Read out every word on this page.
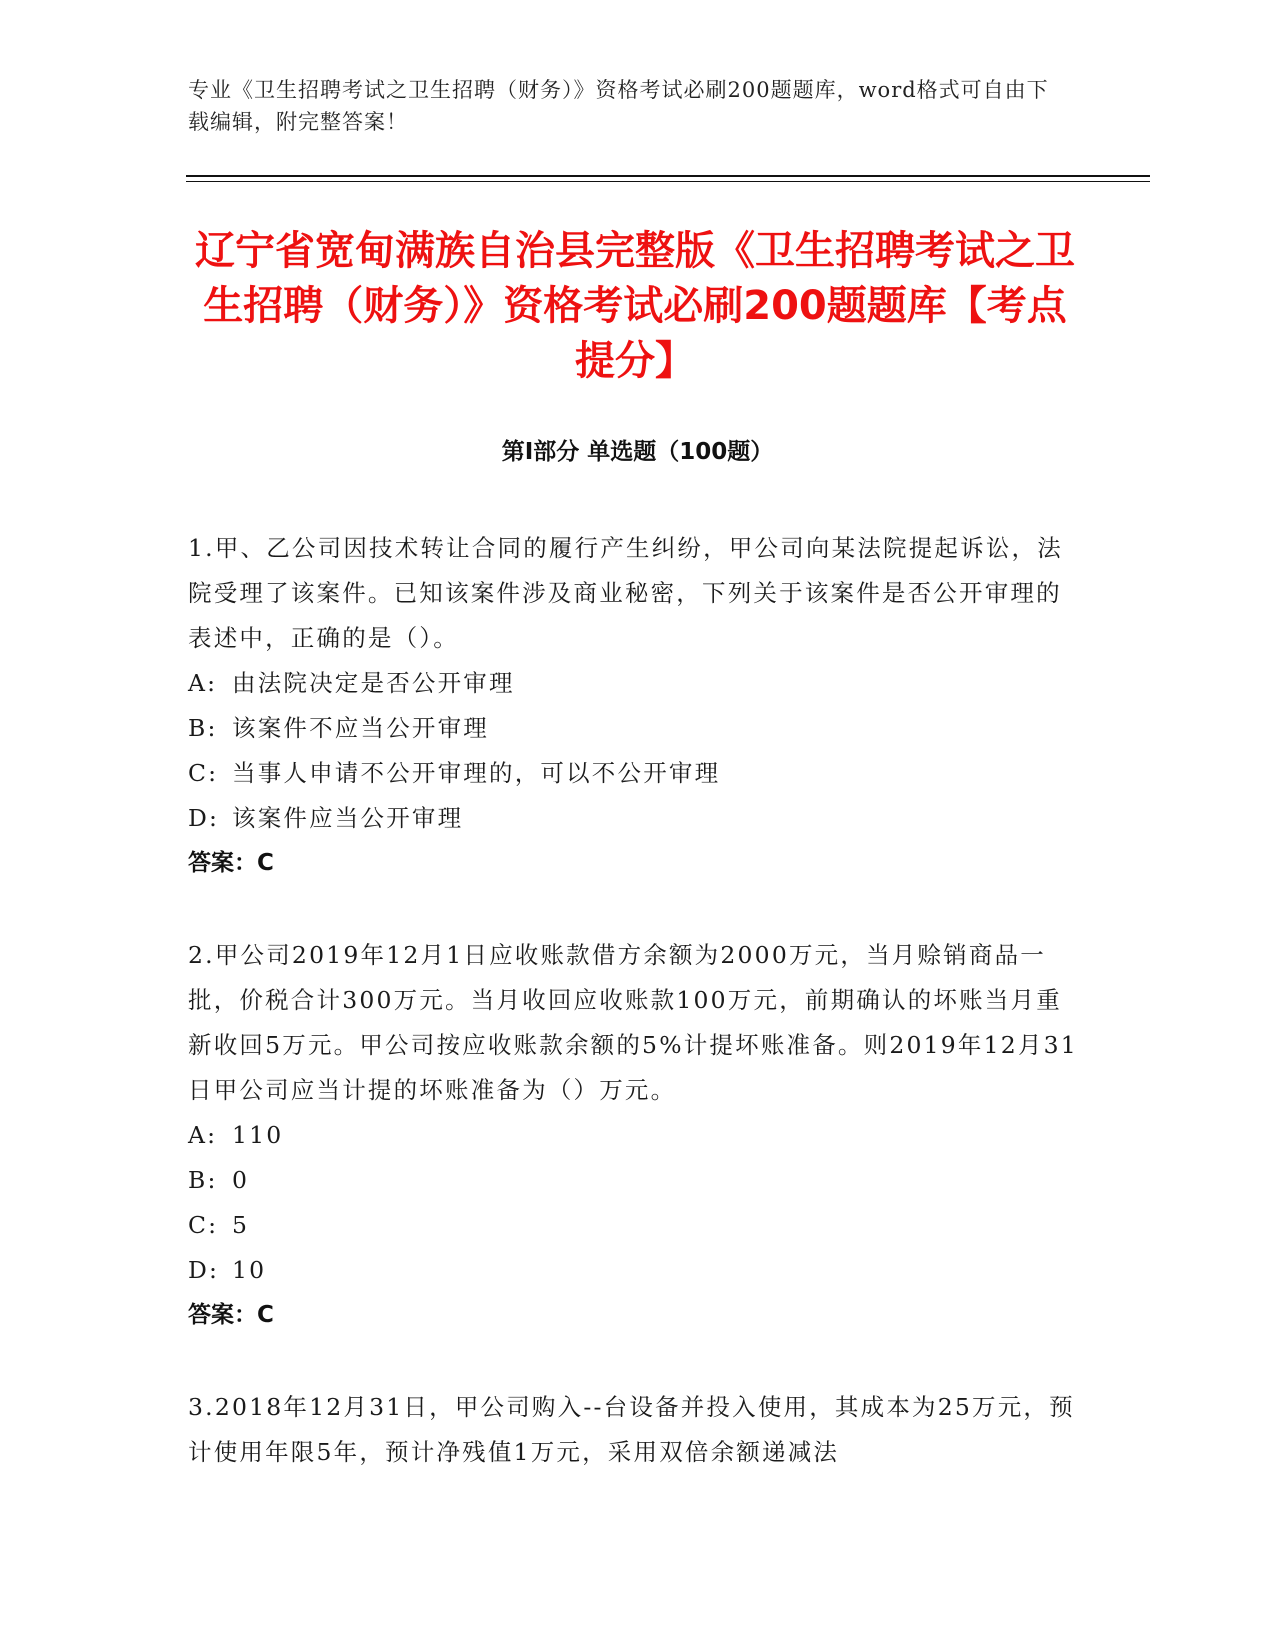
专业《卫生招聘考试之卫生招聘（财务）》资格考试必刷200题题库，word格式可自由下载编辑，附完整答案！
辽宁省宽甸满族自治县完整版《卫生招聘考试之卫生招聘（财务）》资格考试必刷200题题库【考点提分】
第Ⅰ部分 单选题（100题）

1.甲、乙公司因技术转让合同的履行产生纠纷，甲公司向某法院提起诉讼，法院受理了该案件。已知该案件涉及商业秘密，下列关于该案件是否公开审理的表述中，正确的是（）。

A: 由法院决定是否公开审理

B: 该案件不应当公开审理

C: 当事人申请不公开审理的，可以不公开审理

D: 该案件应当公开审理

答案：C

2.甲公司2019年12月1日应收账款借方余额为2000万元，当月赊销商品一批，价税合计300万元。当月收回应收账款100万元，前期确认的坏账当月重新收回5万元。甲公司按应收账款余额的5%计提坏账准备。则2019年12月31日甲公司应当计提的坏账准备为（）万元。

A: 110

B: 0

C: 5

D: 10

答案：C

3.2018年12月31日，甲公司购入--台设备并投入使用，其成本为25万元，预计使用年限5年，预计净残值1万元，采用双倍余额递减法
